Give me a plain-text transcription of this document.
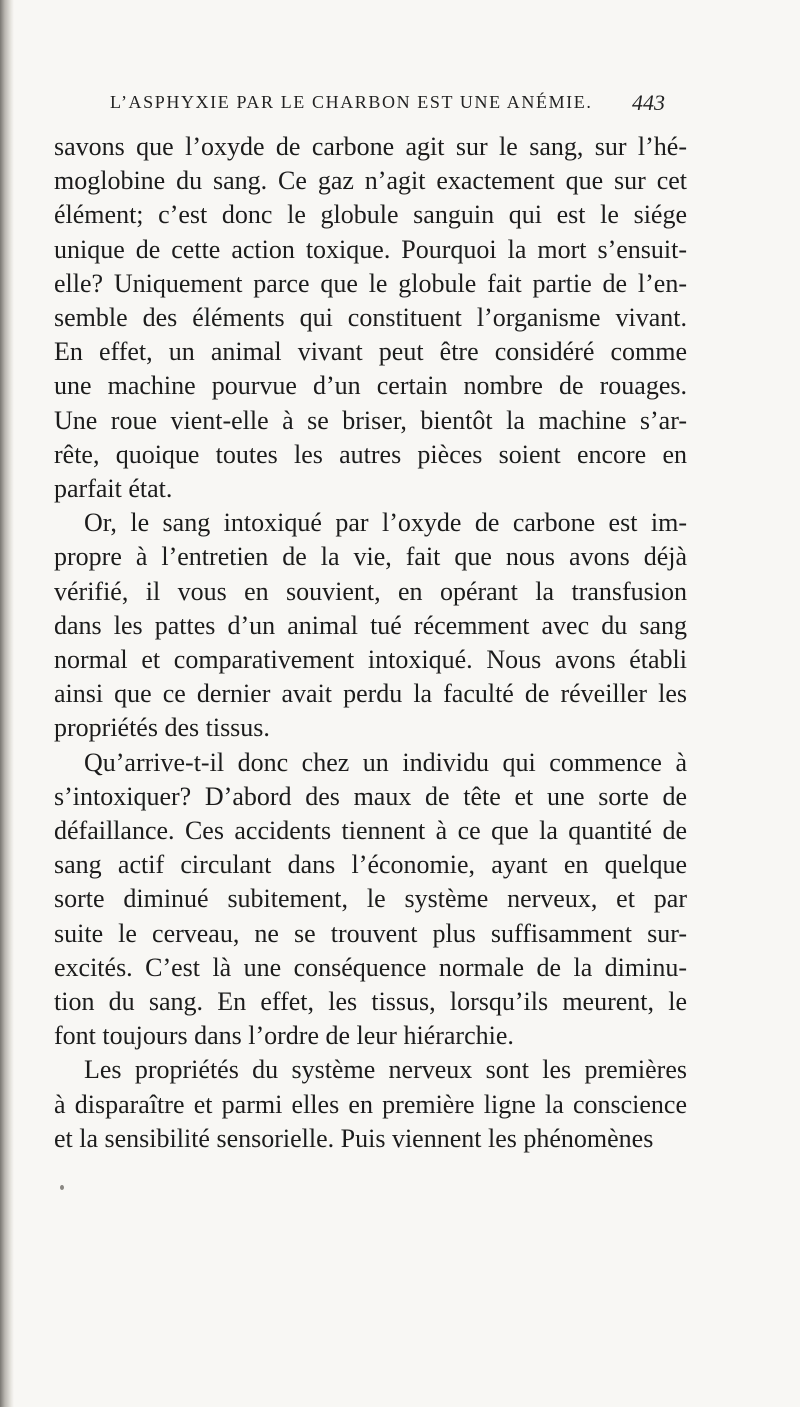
L’ASPHYXIE PAR LE CHARBON EST UNE ANÉMIE. 443

savons que l’oxyde de carbone agit sur le sang, sur l’hé-

moglobine du sang. Ce gaz n’agit exactement que sur cet

élément; c’est donc le globule sanguin qui est le siége

unique de cette action toxique. Pourquoi la mort s’ensuit-

elle? Uniquement parce que le globule fait partie de l’en-

semble des éléments qui constituent l’organisme vivant.

En effet, un animal vivant peut être considéré comme

une machine pourvue d’un certain nombre de rouages.

Une roue vient-elle à se briser, bientôt la machine s’ar-

rête, quoique toutes les autres pièces soient encore en

parfait état.

Or, le sang intoxiqué par l’oxyde de carbone est im-

propre à l’entretien de la vie, fait que nous avons déjà

vérifié, il vous en souvient, en opérant la transfusion

dans les pattes d’un animal tué récemment avec du sang

normal et comparativement intoxiqué. Nous avons établi

ainsi que ce dernier avait perdu la faculté de réveiller les

propriétés des tissus.

Qu’arrive-t-il donc chez un individu qui commence à

s’intoxiquer? D’abord des maux de tête et une sorte de

défaillance. Ces accidents tiennent à ce que la quantité de

sang actif circulant dans l’économie, ayant en quelque

sorte diminué subitement, le système nerveux, et par

suite le cerveau, ne se trouvent plus suffisamment sur-

excités. C’est là une conséquence normale de la diminu-

tion du sang. En effet, les tissus, lorsqu’ils meurent, le

font toujours dans l’ordre de leur hiérarchie.

Les propriétés du système nerveux sont les premières

à disparaître et parmi elles en première ligne la conscience

et la sensibilité sensorielle. Puis viennent les phénomènes
